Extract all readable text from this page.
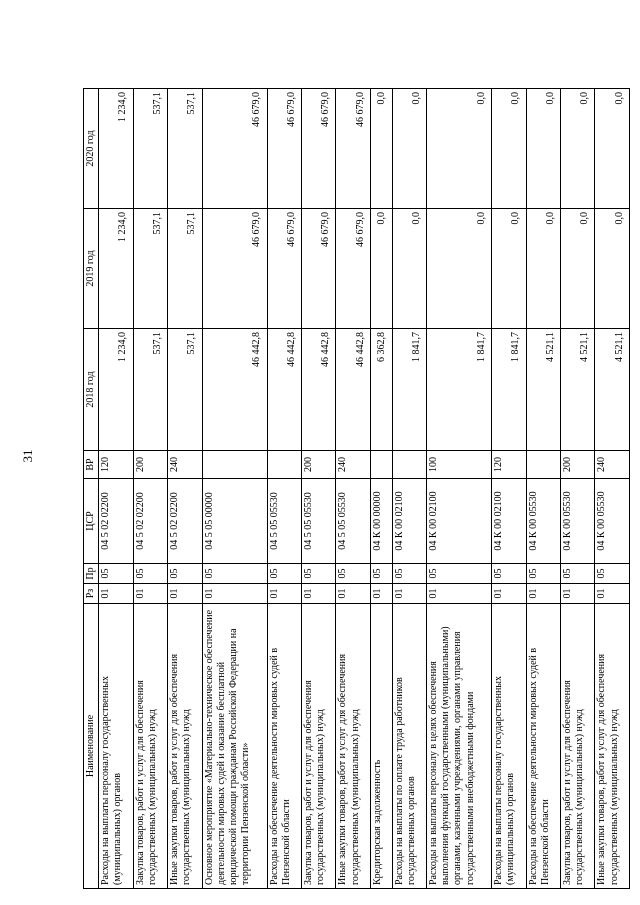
31
Наименование	Рз	Пр	ЦСР	ВР	2018 год	2019 год	2020 год
Расходы на выплаты персоналу государственных (муниципальных) органов	01	05	04 5 02 02200	120	1 234,0	1 234,0	1 234,0
Закупка товаров, работ и услуг для обеспечения государственных (муниципальных) нужд	01	05	04 5 02 02200	200	537,1	537,1	537,1
Иные закупки товаров, работ и услуг для обеспечения государственных (муниципальных) нужд	01	05	04 5 02 02200	240	537,1	537,1	537,1
Основное мероприятие «Материально-техническое обеспечение деятельности мировых судей и оказание бесплатной юридической помощи гражданам Российской Федерации на территории Пензенской области»	01	05	04 5 05 00000		46 442,8	46 679,0	46 679,0
Расходы на обеспечение деятельности мировых судей в Пензенской области	01	05	04 5 05 05530		46 442,8	46 679,0	46 679,0
Закупка товаров, работ и услуг для обеспечения государственных (муниципальных) нужд	01	05	04 5 05 05530	200	46 442,8	46 679,0	46 679,0
Иные закупки товаров, работ и услуг для обеспечения государственных (муниципальных) нужд	01	05	04 5 05 05530	240	46 442,8	46 679,0	46 679,0
Кредиторская задолженность	01	05	04 К 00 00000		6 362,8	0,0	0,0
Расходы на выплаты по оплате труда работников государственных органов	01	05	04 К 00 02100		1 841,7	0,0	0,0
Расходы на выплаты персоналу в целях обеспечения выполнения функций государственными (муниципальными) органами, казенными учреждениями, органами управления государственными внебюджетными фондами	01	05	04 К 00 02100	100	1 841,7	0,0	0,0
Расходы на выплаты персоналу государственных (муниципальных) органов	01	05	04 К 00 02100	120	1 841,7	0,0	0,0
Расходы на обеспечение деятельности мировых судей в Пензенской области	01	05	04 К 00 05530		4 521,1	0,0	0,0
Закупка товаров, работ и услуг для обеспечения государственных (муниципальных) нужд	01	05	04 К 00 05530	200	4 521,1	0,0	0,0
Иные закупки товаров, работ и услуг для обеспечения государственных (муниципальных) нужд	01	05	04 К 00 05530	240	4 521,1	0,0	0,0
